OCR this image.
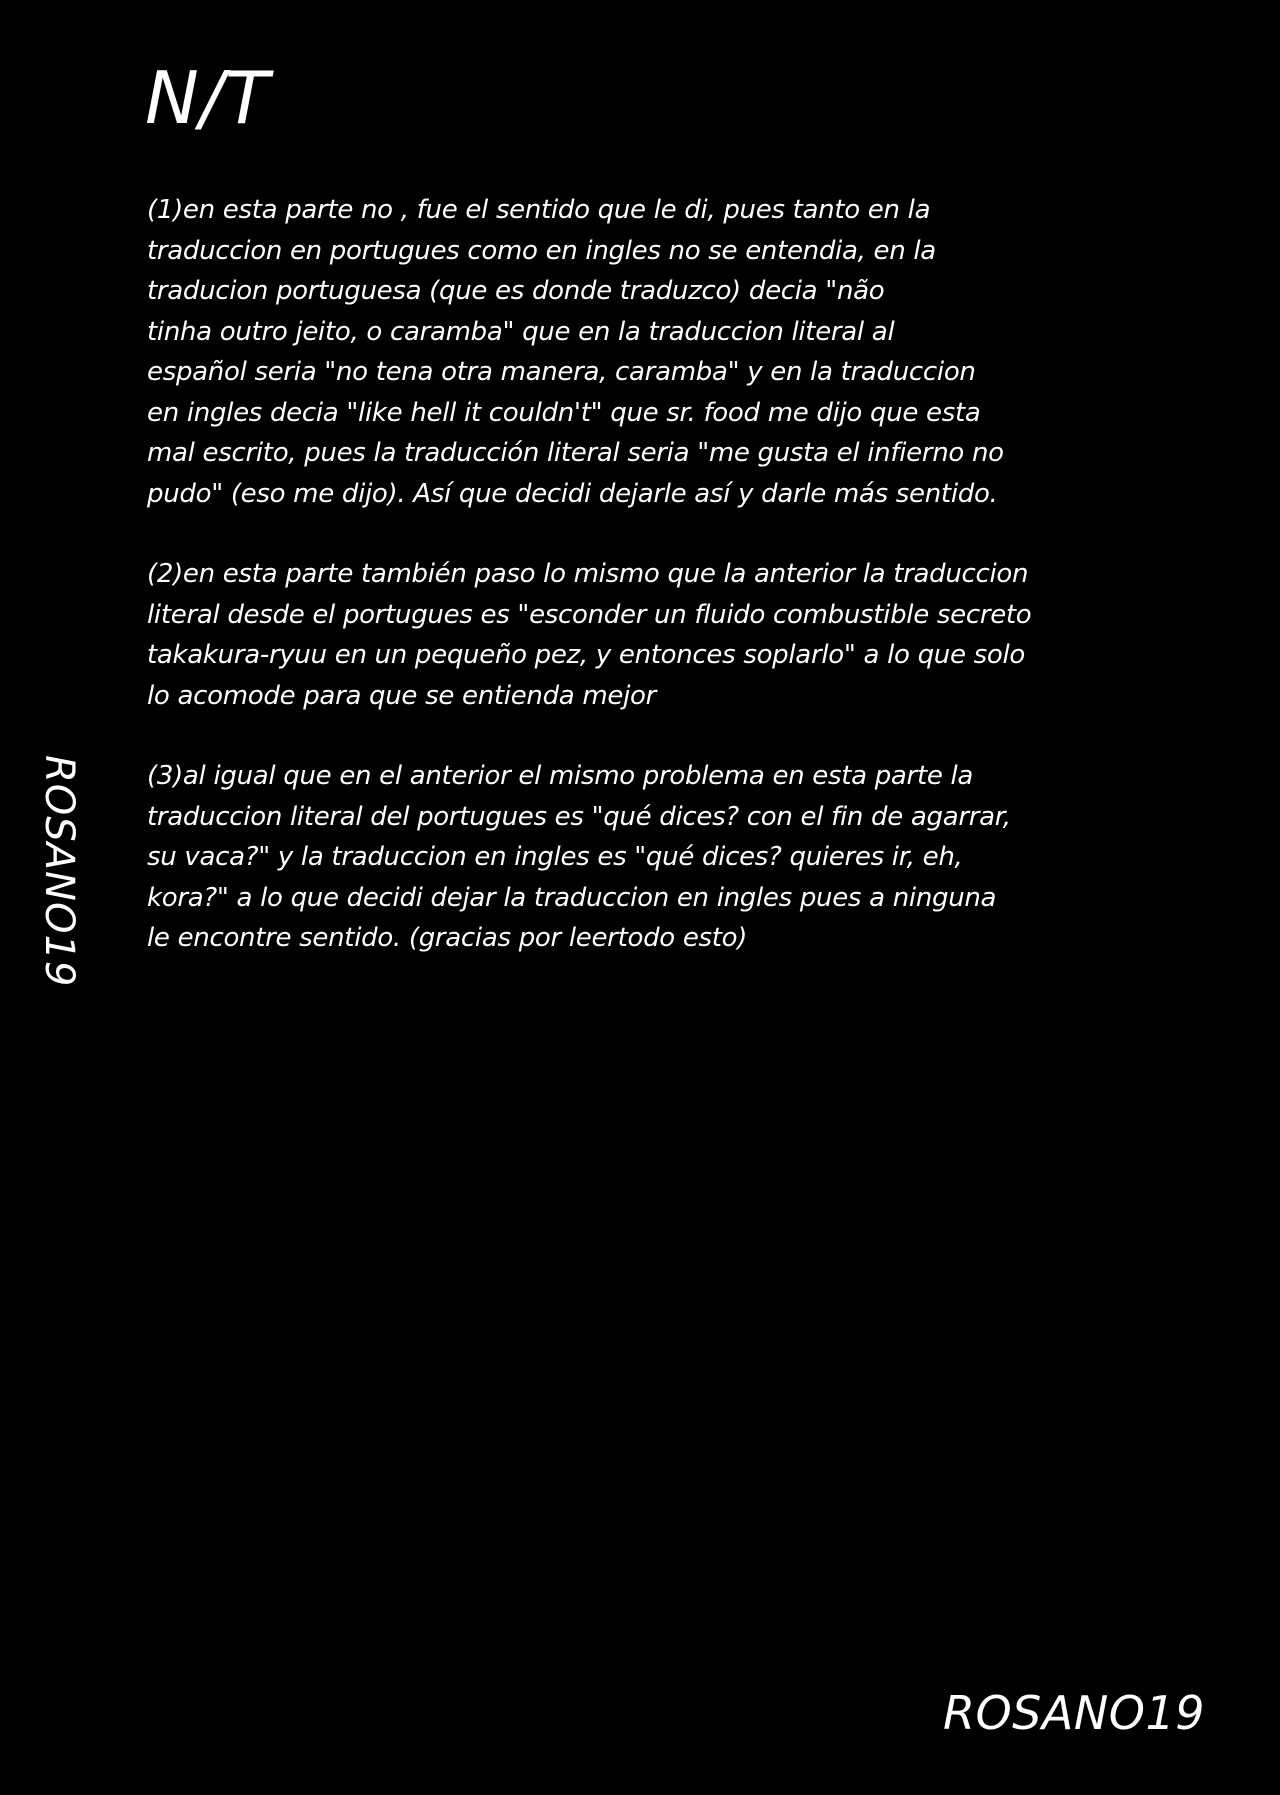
N/T

(1)en esta parte no , fue el sentido que le di, pues tanto en la
traduccion en portugues como en ingles no se entendia, en la
traducion portuguesa (que es donde traduzco) decia "não
tinha outro jeito, o caramba" que en la traduccion literal al
español seria "no tena otra manera, caramba" y en la traduccion
en ingles decia "like hell it couldn't" que sr. food me dijo que esta
mal escrito, pues la traducción literal seria "me gusta el infierno no
pudo" (eso me dijo). Así que decidi dejarle así y darle más sentido.

(2)en esta parte también paso lo mismo que la anterior la traduccion
literal desde el portugues es "esconder un fluido combustible secreto
takakura-ryuu en un pequeño pez, y entonces soplarlo" a lo que solo
lo acomode para que se entienda mejor

(3)al igual que en el anterior el mismo problema en esta parte la
traduccion literal del portugues es "qué dices? con el fin de agarrar,
su vaca?" y la traduccion en ingles es "qué dices? quieres ir, eh,
kora?" a lo que decidi dejar la traduccion en ingles pues a ninguna
le encontre sentido. (gracias por leertodo esto)

ROSANO19

ROSANO19
